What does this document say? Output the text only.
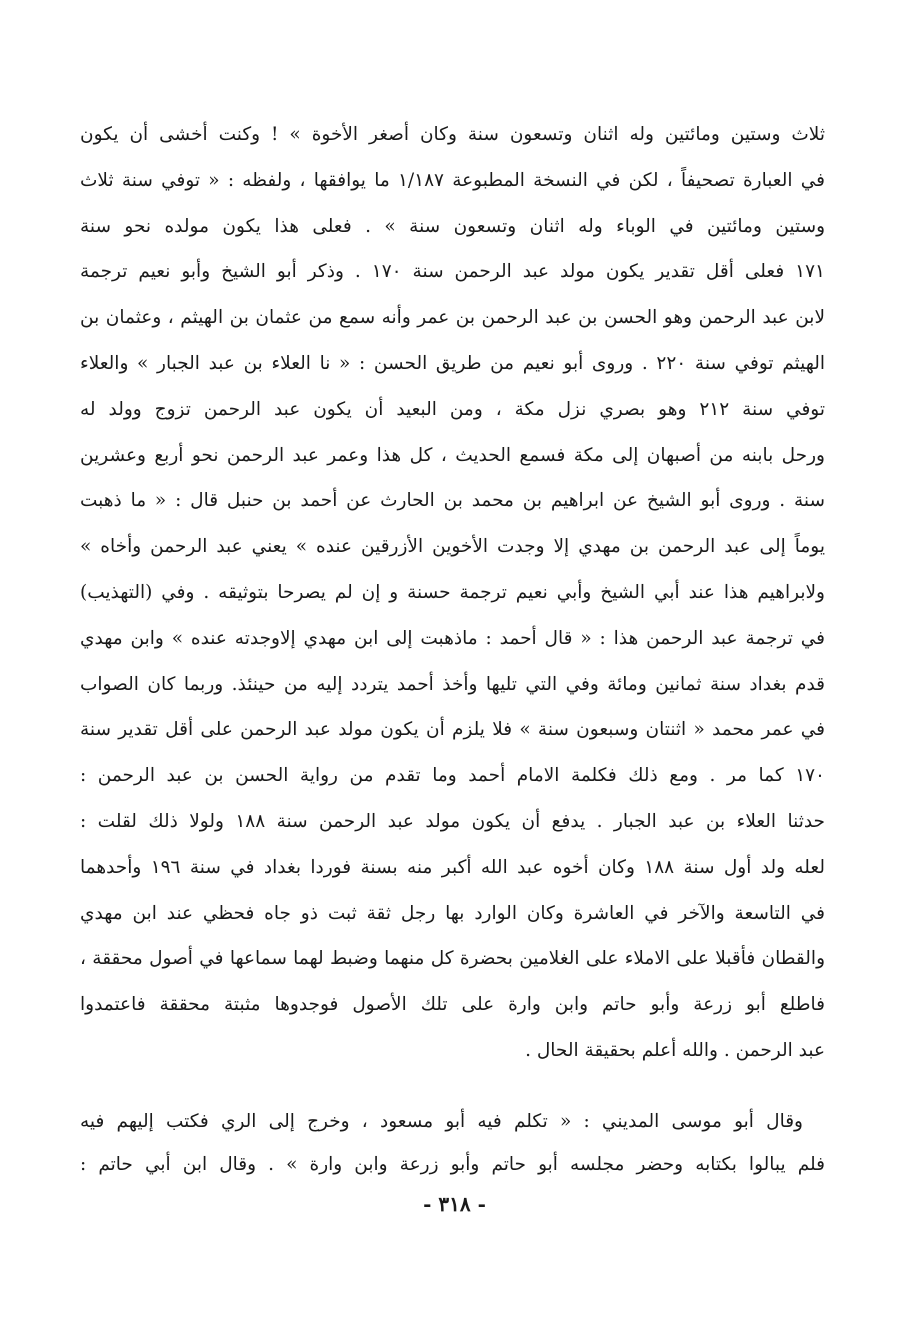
ثلاث وستين ومائتين وله اثنان وتسعون سنة وكان أصغر الأخوة » ! وكنت أخشى أن يكون
في العبارة تصحيفاً ، لكن في النسخة المطبوعة ١/١٨٧ ما يوافقها ، ولفظه : « توفي سنة ثلاث
وستين ومائتين في الوباء وله اثنان وتسعون سنة » . فعلى هذا يكون مولده نحو سنة
١٧١ فعلى أقل تقدير يكون مولد عبد الرحمن سنة ١٧٠ . وذكر أبو الشيخ وأبو نعيم ترجمة
لابن عبد الرحمن وهو الحسن بن عبد الرحمن بن عمر وأنه سمع من عثمان بن الهيثم ، وعثمان بن
الهيثم توفي سنة ٢٢٠ . وروى أبو نعيم من طريق الحسن : « نا العلاء بن عبد الجبار » والعلاء
توفي سنة ٢١٢ وهو بصري نزل مكة ، ومن البعيد أن يكون عبد الرحمن تزوج وولد له
ورحل بابنه من أصبهان إلى مكة فسمع الحديث ، كل هذا وعمر عبد الرحمن نحو أربع وعشرين
سنة . وروى أبو الشيخ عن ابراهيم بن محمد بن الحارث عن أحمد بن حنبل قال : « ما ذهبت
يوماً إلى عبد الرحمن بن مهدي إلا وجدت الأخوين الأزرقين عنده » يعني عبد الرحمن وأخاه »
ولابراهيم هذا عند أبي الشيخ وأبي نعيم ترجمة حسنة و إن لم يصرحا بتوثيقه . وفي (التهذيب)
في ترجمة عبد الرحمن هذا : « قال أحمد : ماذهبت إلى ابن مهدي إلاوجدته عنده » وابن مهدي
قدم بغداد سنة ثمانين ومائة وفي التي تليها وأخذ أحمد يتردد إليه من حينئذ. وربما كان الصواب
في عمر محمد « اثنتان وسبعون سنة » فلا يلزم أن يكون مولد عبد الرحمن على أقل تقدير سنة
١٧٠ كما مر . ومع ذلك فكلمة الامام أحمد وما تقدم من رواية الحسن بن عبد الرحمن :
حدثنا العلاء بن عبد الجبار . يدفع أن يكون مولد عبد الرحمن سنة ١٨٨ ولولا ذلك لقلت :
لعله ولد أول سنة ١٨٨ وكان أخوه عبد الله أكبر منه بسنة فوردا بغداد في سنة ١٩٦ وأحدهما
في التاسعة والآخر في العاشرة وكان الوارد بها رجل ثقة ثبت ذو جاه فحظي عند ابن مهدي
والقطان فأقبلا على الاملاء على الغلامين بحضرة كل منهما وضبط لهما سماعها في أصول محققة ،
فاطلع أبو زرعة وأبو حاتم وابن وارة على تلك الأصول فوجدوها مثبتة محققة فاعتمدوا
عبد الرحمن . والله أعلم بحقيقة الحال .
وقال أبو موسى المديني : « تكلم فيه أبو مسعود ، وخرج إلى الري فكتب إليهم فيه
فلم يبالوا بكتابه وحضر مجلسه أبو حاتم وأبو زرعة وابن وارة » . وقال ابن أبي حاتم :
- ٣١٨ -
